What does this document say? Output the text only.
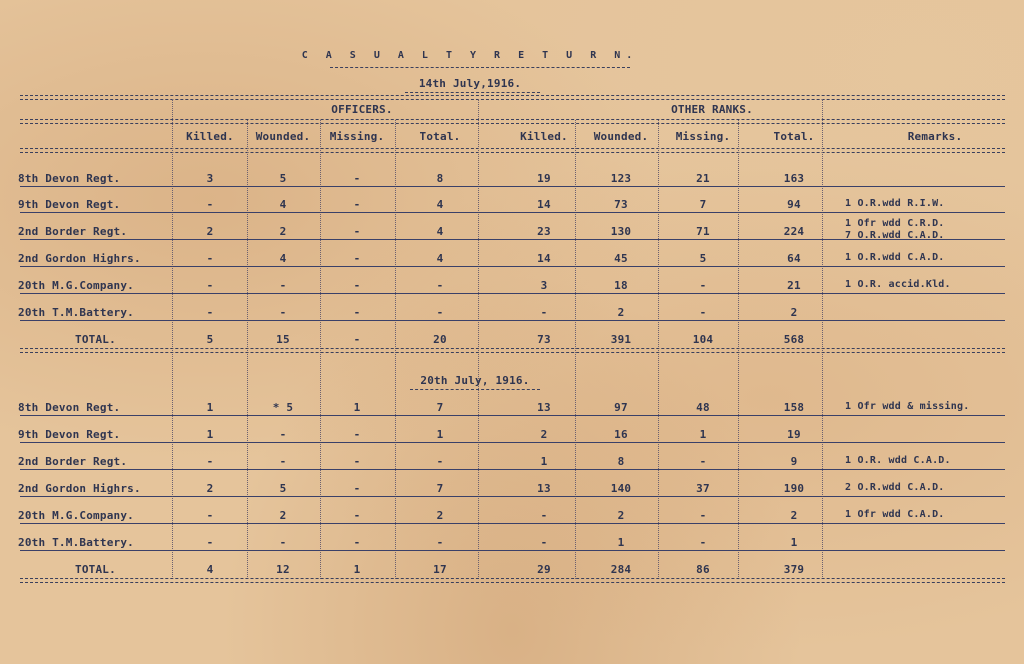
C A S U A L T Y R E T U R N.
14th July,1916.
OFFICERS.	OTHER RANKS.
Killed. Wounded. Missing.	Total.	Killed. Wounded. Missing.	Total.	Remarks.
8th Devon Regt.	3	5	-	8	19	123	21	163
9th Devon Regt.	-	4	-	4	14	73	7	94	1 O.R.wdd R.I.W.
2nd Border Regt.	2	2	-	4	23	130	71	224
1 Ofr wdd C.R.D.
7 O.R.wdd C.A.D.
2nd Gordon Highrs.	-	4	-	4	14	45	5	64	1 O.R.wdd C.A.D.
20th M.G.Company.	-	-	-	-	3	18	-	21	1 O.R. accid.Kld.
20th T.M.Battery.	-	-	-	-	-	2	-	2
TOTAL.	5	15	-	20	73	391	104	568
8th Devon Regt.	1	* 5	1	7	13	97	48	158	1 Ofr wdd & missing.
9th Devon Regt.	1	-	-	1	2	16	1	19
2nd Border Regt.	-	-	-	-	1	8	-	9	1 O.R. wdd C.A.D.
2nd Gordon Highrs.	2	5	-	7	13	140	37	190	2 O.R.wdd C.A.D.
20th M.G.Company.	-	2	-	2	-	2	-	2	1 Ofr wdd C.A.D.
20th T.M.Battery.	-	-	-	-	-	1	-	1
TOTAL.	4	12	1	17	29	284	86	379
20th July, 1916.
